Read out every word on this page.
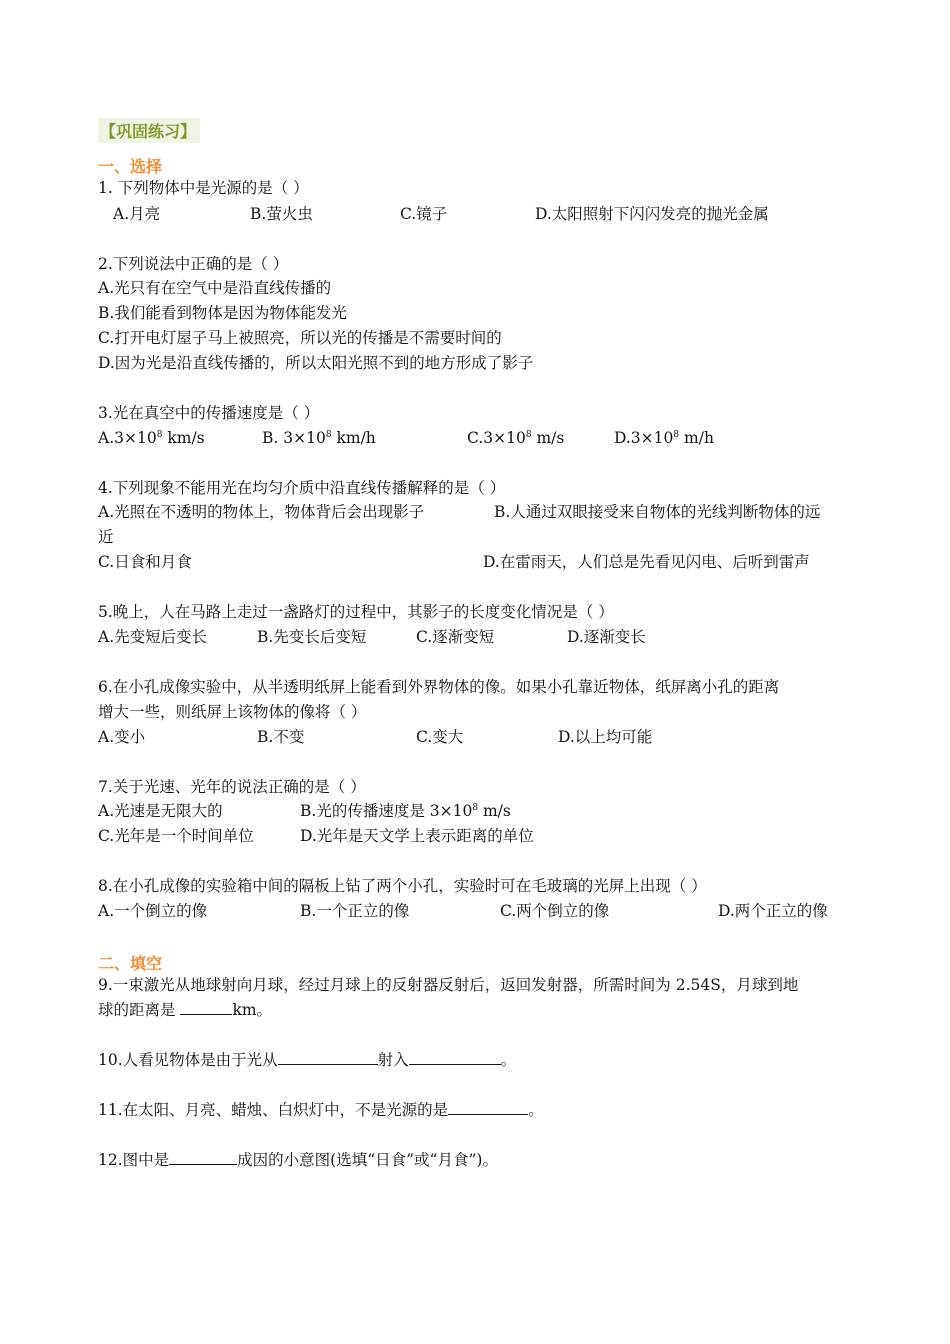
【巩固练习】
一、选择
1. 下列物体中是光源的是（ ）
A.月亮	B.萤火虫	C.镜子	D.太阳照射下闪闪发亮的抛光金属
2.下列说法中正确的是（ ）
A.光只有在空气中是沿直线传播的
B.我们能看到物体是因为物体能发光
C.打开电灯屋子马上被照亮，所以光的传播是不需要时间的
D.因为光是沿直线传播的，所以太阳光照不到的地方形成了影子
3.光在真空中的传播速度是（ ）
$A.3\times 10^8$ km/s	B. $3\times 10^8$ km/h	$C.3\times 10^8$ m/s	$D.3\times 10^8$ m/h
4.下列现象不能用光在均匀介质中沿直线传播解释的是（ ）
A.光照在不透明的物体上，物体背后会出现影子	B.人通过双眼接受来自物体的光线判断物体的远
近
C.日食和月食	D.在雷雨天，人们总是先看见闪电、后听到雷声
5.晚上，人在马路上走过一盏路灯的过程中，其影子的长度变化情况是（ ）
A.先变短后变长	B.先变长后变短	C.逐渐变短	D.逐渐变长
6.在小孔成像实验中，从半透明纸屏上能看到外界物体的像。如果小孔靠近物体，纸屏离小孔的距离
增大一些，则纸屏上该物体的像将（ ）
A.变小	B.不变	C.变大	D.以上均可能
7.关于光速、光年的说法正确的是（ ）
A.光速是无限大的	B.光的传播速度是 $3\times 10^8$ m/s
C.光年是一个时间单位	D.光年是天文学上表示距离的单位
8.在小孔成像的实验箱中间的隔板上钻了两个小孔，实验时可在毛玻璃的光屏上出现（ ）
A.一个倒立的像	B.一个正立的像	C.两个倒立的像	D.两个正立的像
二、填空
9.一束激光从地球射向月球，经过月球上的反射器反射后，返回发射器，所需时间为 2.54S，月球到地
球的距离是	km。
10.人看见物体是由于光从	射入	。
11.在太阳、月亮、蜡烛、白炽灯中，不是光源的是	。
12.图中是	成因的小意图(选填“日食”或“月食”)。
